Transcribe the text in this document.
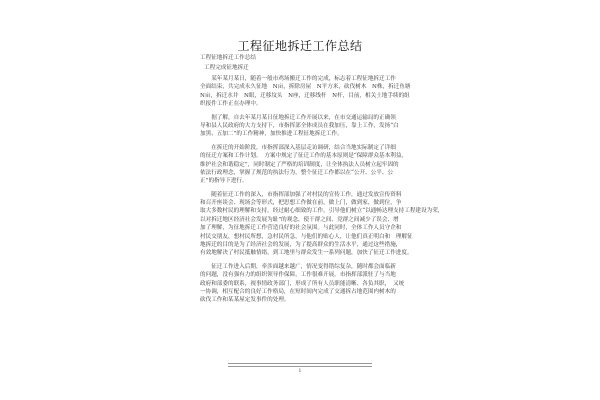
工程征地拆迁工作总结
工程征地拆迁工作总结
工程完成征地拆迁
　　某年某月某日，随着一般市鸡场搬迁工作的完成，标志着工程征地拆迁工作
全面结束，共完成永久征地　N亩，拆除房屋　N平方米，砍伐树木　N株，拆迁鱼塘
N亩，拆迁水井　N眼，迁移坟头　N座，迁移线杆　N杆，目前，相关土地手续的组
织报件工作正在办理中。
　　据了解，自去年某月某日征地拆迁工作开展以来，在市交通运输局的正确领
导和县人民政府的大力支持下，市指挥部全体成员在我加压，靠上工作，发扬“白
加黑、五加二”的工作精神，加快推进工程征地拆迁工作。
　　在拆迁的开始阶段，市指挥部深入基层走访调研，结合当地实际制定了详细
的征迁方案和工作计划。　方案中规定了征迁工作的基本原则是“保障群众基本利益，
维护社会和谐稳定”，同时制定了严格的培训制度，让全体执法人员树立起牢固的
依法行政理念，掌握了规范的执法行为，整个征迁工作都以在“公开、公平、公
正”的指导下进行。
　　随着征迁工作的深入，市指挥部加强了对村民的宣传工作，通过发放宣传资料
和召开座谈会、现场会等形式，把思想工作做在前，做上门，做到家，做到位，争
取大多数村民的理解和支持，经过耐心细致的工作，引导他们树立“以通畅达理支持工程建设为荣，
以对拆迁地区经济社会发展为耻”的观念，使干群之间、党群之间减少了误会、增
加了理解，为征地拆迁工作营造良好的社会氛围。与此同时，全体工作人员守企和
村民交朋友，想村民所想，急村民所急，与他们的贴心人，让他们真正明白和　理解征
地拆迁的目的是为了经济社会的发展，为了提高群众的生活水平，通过这些措施，
有效地解决了村民抵触情绪，到工地里与群众发生一系列问题，加快了征迁工作进度。
　　征迁工作进入后期，牵涉面越来越广，情况变得错综复杂，随时都会面临新
的问题，没有强有力的组织领导作保障，工作很难开展。市指挥部派驻了与当地
政府和部委的联系，视事情政务部门，形成了所有人员职能清晰、各负其职，　又统
一协调，相互配合的良好工作格局，在短时间内完成了交通拆占地范围内树木的
砍伐工作和某某屋定发事件的处理。
1
